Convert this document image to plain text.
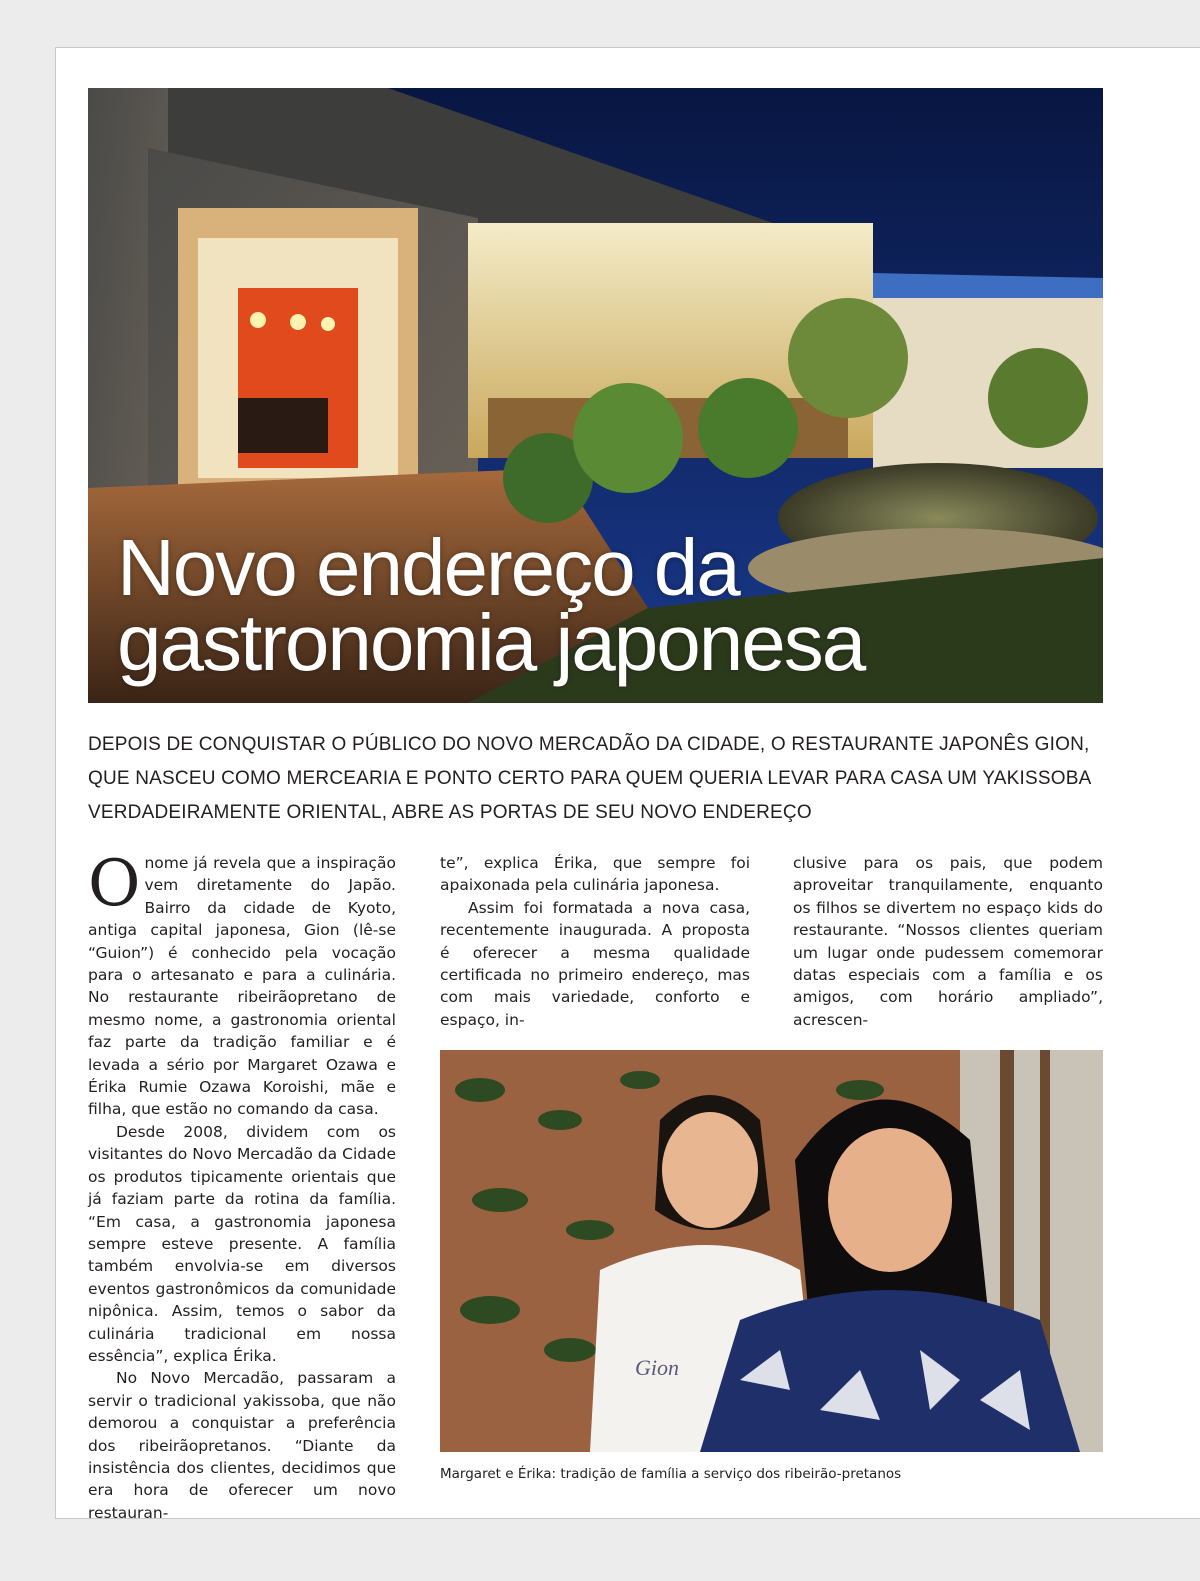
Novo endereço da
gastronomia japonesa

DEPOIS DE CONQUISTAR O PÚBLICO DO NOVO MERCADÃO DA CIDADE, O RESTAURANTE JAPONÊS GION, QUE NASCEU COMO MERCEARIA E PONTO CERTO PARA QUEM QUERIA LEVAR PARA CASA UM YAKISSOBA VERDADEIRAMENTE ORIENTAL, ABRE AS PORTAS DE SEU NOVO ENDEREÇO

Onome já revela que a inspiração vem diretamente do Japão. Bairro da cidade de Kyoto, antiga capital japonesa, Gion (lê-se “Guion”) é conhecido pela vocação para o artesanato e para a culinária. No restaurante ribeirãopretano de mesmo nome, a gastronomia oriental faz parte da tradição familiar e é levada a sério por Margaret Ozawa e Érika Rumie Ozawa Koroishi, mãe e filha, que estão no comando da casa.

Desde 2008, dividem com os visitantes do Novo Mercadão da Cidade os produtos tipicamente orientais que já faziam parte da rotina da família. “Em casa, a gastronomia japonesa sempre esteve presente. A família também envolvia-se em diversos eventos gastronômicos da comunidade nipônica. Assim, temos o sabor da culinária tradicional em nossa essência”, explica Érika.

No Novo Mercadão, passaram a servir o tradicional yakissoba, que não demorou a conquistar a preferência dos ribeirãopretanos. “Diante da insistência dos clientes, decidimos que era hora de oferecer um novo restauran-

te”, explica Érika, que sempre foi apaixonada pela culinária japonesa.

Assim foi formatada a nova casa, recentemente inaugurada. A proposta é oferecer a mesma qualidade certificada no primeiro endereço, mas com mais variedade, conforto e espaço, in-

clusive para os pais, que podem aproveitar tranquilamente, enquanto os filhos se divertem no espaço kids do restaurante. “Nossos clientes queriam um lugar onde pudessem comemorar datas especiais com a família e os amigos, com horário ampliado”, acrescen-

Gion

Margaret e Érika: tradição de família a serviço dos ribeirão-pretanos
